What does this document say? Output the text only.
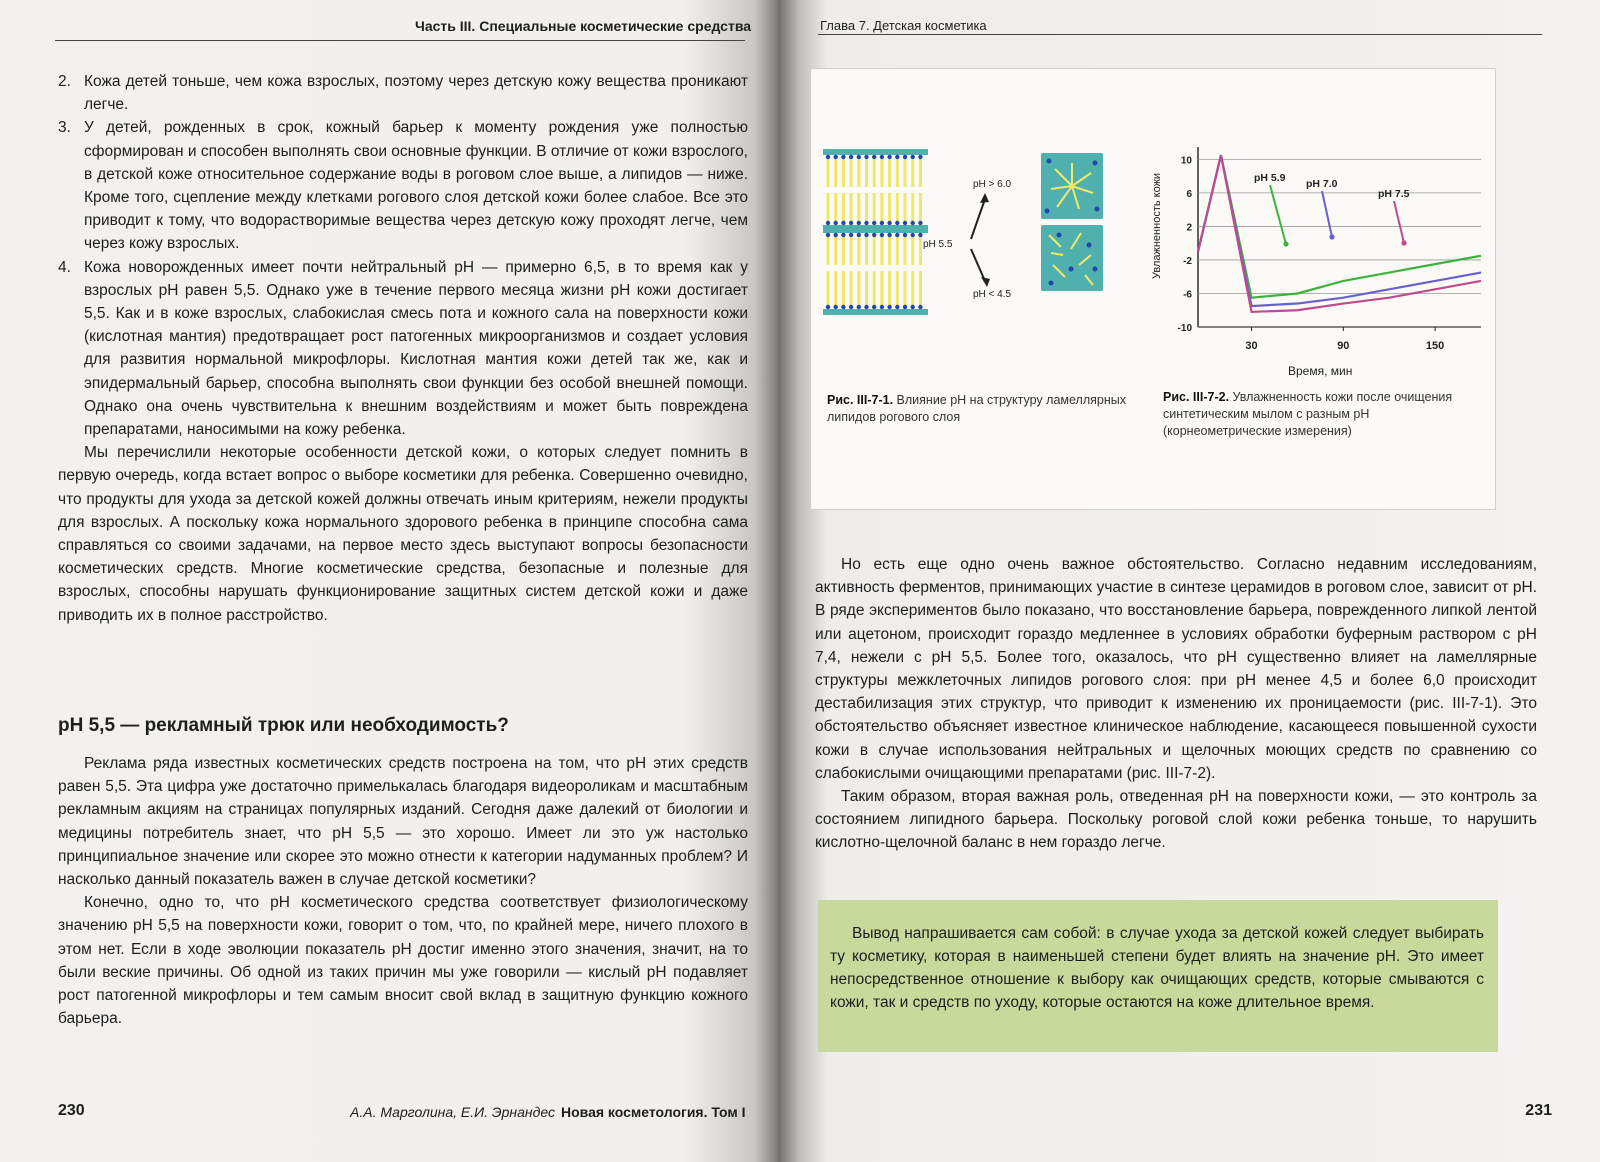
Часть III. Специальные косметические средства
2. Кожа детей тоньше, чем кожа взрослых, поэтому через детскую кожу вещества проникают легче.
3. У детей, рожденных в срок, кожный барьер к моменту рождения уже полностью сформирован и способен выполнять свои основные функции. В отличие от кожи взрослого, в детской коже относительное содержание воды в роговом слое выше, а липидов — ниже. Кроме того, сцепление между клетками рогового слоя детской кожи более слабое. Все это приводит к тому, что водорастворимые вещества через детскую кожу проходят легче, чем через кожу взрослых.
4. Кожа новорожденных имеет почти нейтральный pH — примерно 6,5, в то время как у взрослых pH равен 5,5. Однако уже в течение первого месяца жизни pH кожи достигает 5,5. Как и в коже взрослых, слабокислая смесь пота и кожного сала на поверхности кожи (кислотная мантия) предотвращает рост патогенных микроорганизмов и создает условия для развития нормальной микрофлоры. Кислотная мантия кожи детей так же, как и эпидермальный барьер, способна выполнять свои функции без особой внешней помощи. Однако она очень чувствительна к внешним воздействиям и может быть повреждена препаратами, наносимыми на кожу ребенка.

Мы перечислили некоторые особенности детской кожи, о которых следует помнить в первую очередь, когда встает вопрос о выборе косметики для ребенка. Совершенно очевидно, что продукты для ухода за детской кожей должны отвечать иным критериям, нежели продукты для взрослых. А поскольку кожа нормального здорового ребенка в принципе способна сама справляться со своими задачами, на первое место здесь выступают вопросы безопасности косметических средств. Многие косметические средства, безопасные и полезные для взрослых, способны нарушать функционирование защитных систем детской кожи и даже приводить их в полное расстройство.

pH 5,5 — рекламный трюк или необходимость?

Реклама ряда известных косметических средств построена на том, что pH этих средств равен 5,5. Эта цифра уже достаточно примелькалась благодаря видеороликам и масштабным рекламным акциям на страницах популярных изданий. Сегодня даже далекий от биологии и медицины потребитель знает, что pH 5,5 — это хорошо. Имеет ли это уж настолько принципиальное значение или скорее это можно отнести к категории надуманных проблем? И насколько данный показатель важен в случае детской косметики?

Конечно, одно то, что pH косметического средства соответствует физиологическому значению pH 5,5 на поверхности кожи, говорит о том, что, по крайней мере, ничего плохого в этом нет. Если в ходе эволюции показатель pH достиг именно этого значения, значит, на то были веские причины. Об одной из таких причин мы уже говорили — кислый pH подавляет рост патогенной микрофлоры и тем самым вносит свой вклад в защитную функцию кожного барьера.

230	А.А. Марголина, Е.И. Эрнандес Новая косметология. Том I
Глава 7. Детская косметика
pH > 6.0
pH 5.5
pH < 4.5
Увлажненность кожи
Время, мин
10
6
2
-2
-6
-10
30	90	150
pH 5.9 pH 7.0
pH 7.5
Рис. III-7-1. Влияние pH на структуру ламеллярных липидов рогового слоя
Рис. III-7-2. Увлажненность кожи после очищения синтетическим мылом с разным pH (корнеометрические измерения)

Но есть еще одно очень важное обстоятельство. Согласно недавним исследованиям, активность ферментов, принимающих участие в синтезе церамидов в роговом слое, зависит от pH. В ряде экспериментов было показано, что восстановление барьера, поврежденного липкой лентой или ацетоном, происходит гораздо медленнее в условиях обработки буферным раствором с pH 7,4, нежели с pH 5,5. Более того, оказалось, что pH существенно влияет на ламеллярные структуры межклеточных липидов рогового слоя: при pH менее 4,5 и более 6,0 происходит дестабилизация этих структур, что приводит к изменению их проницаемости (рис. III-7-1). Это обстоятельство объясняет известное клиническое наблюдение, касающееся повышенной сухости кожи в случае использования нейтральных и щелочных моющих средств по сравнению со слабокислыми очищающими препаратами (рис. III-7-2).

Таким образом, вторая важная роль, отведенная pH на поверхности кожи, — это контроль за состоянием липидного барьера. Поскольку роговой слой кожи ребенка тоньше, то нарушить кислотно-щелочной баланс в нем гораздо легче.

Вывод напрашивается сам собой: в случае ухода за детской кожей следует выбирать ту косметику, которая в наименьшей степени будет влиять на значение pH. Это имеет непосредственное отношение к выбору как очищающих средств, которые смываются с кожи, так и средств по уходу, которые остаются на коже длительное время.
231
